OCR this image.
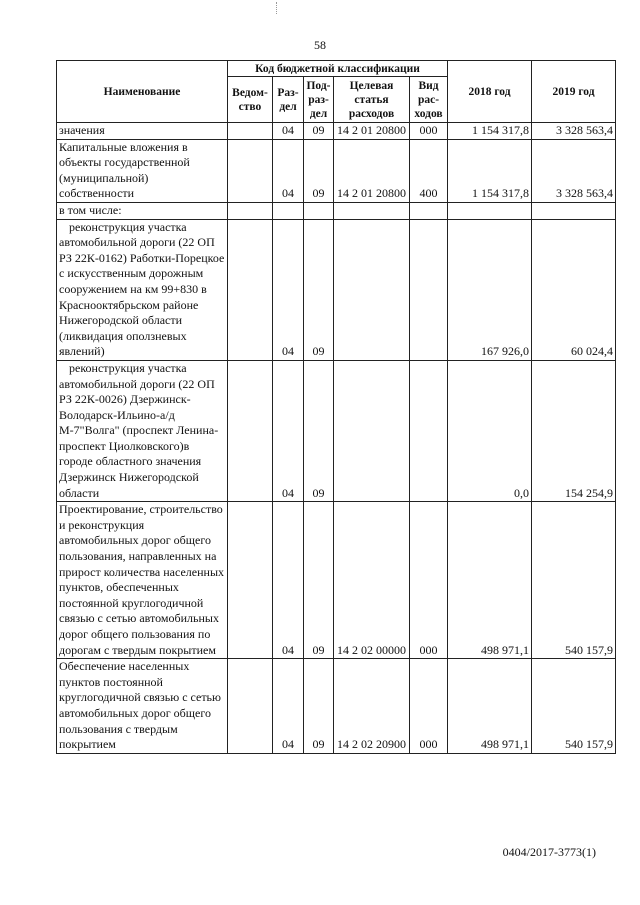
58
Наименование	Код бюджетной классификации					2018 год	2019 год
	Ведом-ство	Раз-дел	Под-раз-дел	Целевая статья расходов	Вид рас-ходов		
значения		04	09	14 2 01 20800	000	1 154 317,8	3 328 563,4
Капитальные вложения в объекты государственной (муниципальной) собственности		04	09	14 2 01 20800	400	1 154 317,8	3 328 563,4
в том числе:							
реконструкция участка автомобильной дороги (22 ОП РЗ 22К-0162) Работки-Порецкое с искусственным дорожным сооружением на км 99+830 в Краснооктябрьском районе Нижегородской области (ликвидация оползневых явлений)		04	09			167 926,0	60 024,4
реконструкция участка автомобильной дороги (22 ОП РЗ 22К-0026) Дзержинск-Володарск-Ильино-а/д М-7"Волга" (проспект Ленина-проспект Циолковского)в городе областного значения Дзержинск Нижегородской области		04	09			0,0	154 254,9
Проектирование, строительство и реконструкция автомобильных дорог общего пользования, направленных на прирост количества населенных пунктов, обеспеченных постоянной круглогодичной связью с сетью автомобильных дорог общего пользования по дорогам с твердым покрытием		04	09	14 2 02 00000	000	498 971,1	540 157,9
Обеспечение населенных пунктов постоянной круглогодичной связью с сетью автомобильных дорог общего пользования с твердым покрытием		04	09	14 2 02 20900	000	498 971,1	540 157,9
0404/2017-3773(1)
